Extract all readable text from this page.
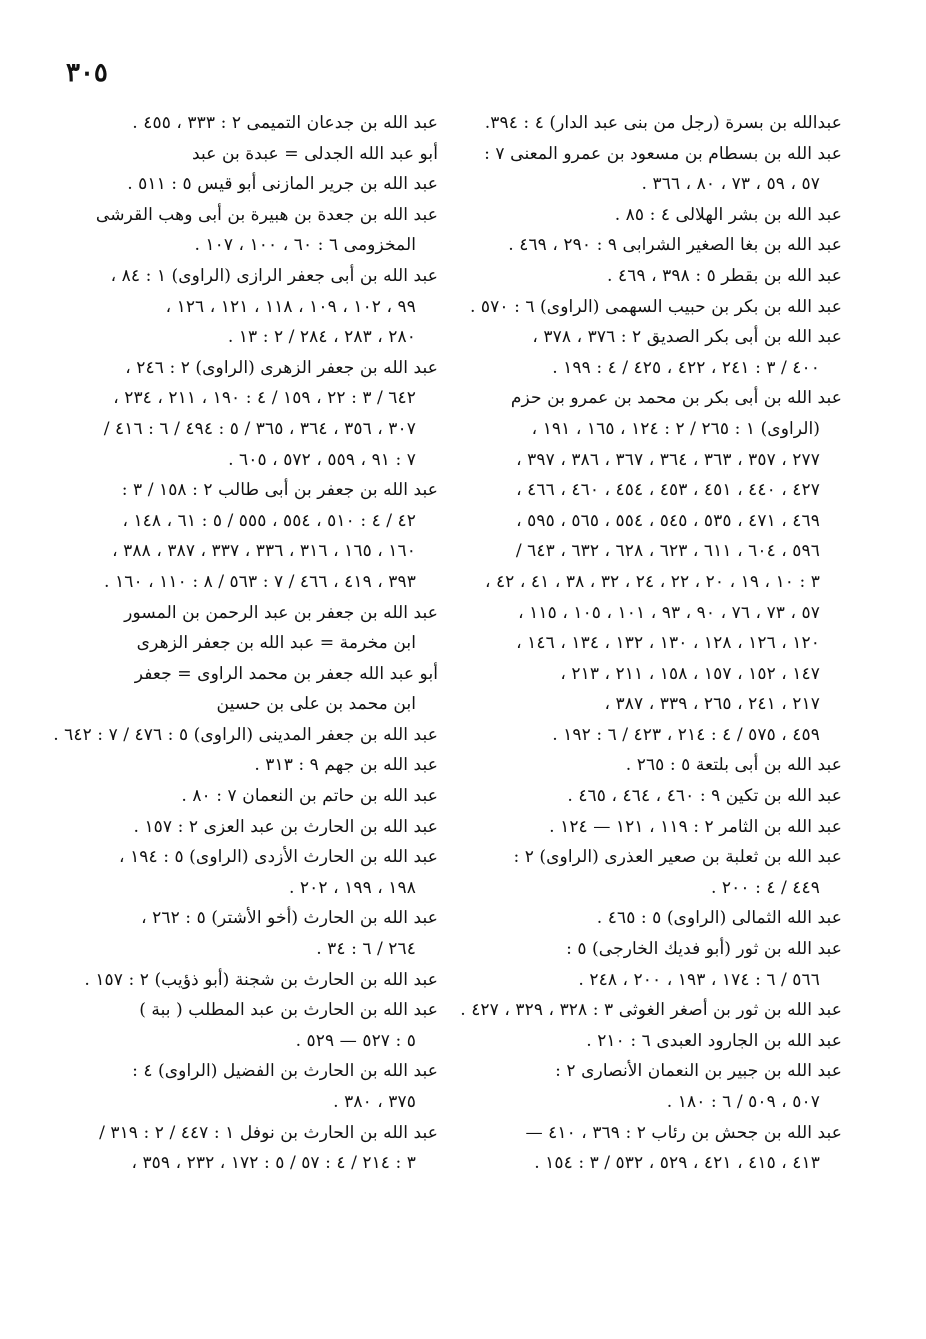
٣٠٥
عبدالله بن بسرة (رجل من بنى عبد الدار) ٤ : ٣٩٤.
عبد الله بن بسطام بن مسعود بن عمرو المعنى ٧ :
٥٧ ، ٥٩ ، ٧٣ ، ٨٠ ، ٣٦٦ .
عبد الله بن بشر الهلالى ٤ : ٨٥ .
عبد الله بن بغا الصغير الشرابى ٩ : ٢٩٠ ، ٤٦٩ .
عبد الله بن بقطر ٥ : ٣٩٨ ، ٤٦٩ .
عبد الله بن بكر بن حبيب السهمى (الراوى) ٦ : ٥٧٠ .
عبد الله بن أبى بكر الصديق ٢ : ٣٧٦ ، ٣٧٨ ،
٤٠٠ / ٣ : ٢٤١ ، ٤٢٢ ، ٤٢٥ / ٤ : ١٩٩ .
عبد الله بن أبى بكر بن محمد بن عمرو بن حزم
(الراوى) ١ : ٢٦٥ / ٢ : ١٢٤ ، ١٦٥ ، ١٩١ ،
٢٧٧ ، ٣٥٧ ، ٣٦٣ ، ٣٦٤ ، ٣٦٧ ، ٣٨٦ ، ٣٩٧ ،
٤٢٧ ، ٤٤٠ ، ٤٥١ ، ٤٥٣ ، ٤٥٤ ، ٤٦٠ ، ٤٦٦ ،
٤٦٩ ، ٤٧١ ، ٥٣٥ ، ٥٤٥ ، ٥٥٤ ، ٥٦٥ ، ٥٩٥ ،
٥٩٦ ، ٦٠٤ ، ٦١١ ، ٦٢٣ ، ٦٢٨ ، ٦٣٢ ، ٦٤٣ /
٣ : ١٠ ، ١٩ ، ٢٠ ، ٢٢ ، ٢٤ ، ٣٢ ، ٣٨ ، ٤١ ، ٤٢ ،
٥٧ ، ٧٣ ، ٧٦ ، ٩٠ ، ٩٣ ، ١٠١ ، ١٠٥ ، ١١٥ ،
١٢٠ ، ١٢٦ ، ١٢٨ ، ١٣٠ ، ١٣٢ ، ١٣٤ ، ١٤٦ ،
١٤٧ ، ١٥٢ ، ١٥٧ ، ١٥٨ ، ٢١١ ، ٢١٣ ،
٢١٧ ، ٢٤١ ، ٢٦٥ ، ٣٣٩ ، ٣٨٧ ،
٤٥٩ ، ٥٧٥ / ٤ : ٢١٤ ، ٤٢٣ / ٦ : ١٩٢ .
عبد الله بن أبى بلتعة ٥ : ٢٦٥ .
عبد الله بن تكين ٩ : ٤٦٠ ، ٤٦٤ ، ٤٦٥ .
عبد الله بن الثامر ٢ : ١١٩ ، ١٢١ — ١٢٤ .
عبد الله بن ثعلبة بن صعير العذرى (الراوى) ٢ :
٤٤٩ / ٤ : ٢٠٠ .
عبد الله الثمالى (الراوى) ٥ : ٤٦٥ .
عبد الله بن ثور (أبو فديك الخارجى) ٥ :
٥٦٦ / ٦ : ١٧٤ ، ١٩٣ ، ٢٠٠ ، ٢٤٨ .
عبد الله بن ثور بن أصغر الغوثى ٣ : ٣٢٨ ، ٣٢٩ ، ٤٢٧ .
عبد الله بن الجارود العبدى ٦ : ٢١٠ .
عبد الله بن جبير بن النعمان الأنصارى ٢ :
٥٠٧ ، ٥٠٩ / ٦ : ١٨٠ .
عبد الله بن جحش بن رئاب ٢ : ٣٦٩ ، ٤١٠ —
٤١٣ ، ٤١٥ ، ٤٢١ ، ٥٢٩ ، ٥٣٢ / ٣ : ١٥٤ .
عبد الله بن جدعان التميمى ٢ : ٣٣٣ ، ٤٥٥ .
أبو عبد الله الجدلى = عبدة بن عبد
عبد الله بن جرير المازنى أبو قيس ٥ : ٥١١ .
عبد الله بن جعدة بن هبيرة بن أبى وهب القرشى
المخزومى ٦ : ٦٠ ، ١٠٠ ، ١٠٧ .
عبد الله بن أبى جعفر الرازى (الراوى) ١ : ٨٤ ،
٩٩ ، ١٠٢ ، ١٠٩ ، ١١٨ ، ١٢١ ، ١٢٦ ،
٢٨٠ ، ٢٨٣ ، ٢٨٤ / ٢ : ١٣ .
عبد الله بن جعفر الزهرى (الراوى) ٢ : ٢٤٦ ،
٦٤٢ / ٣ : ٢٢ ، ١٥٩ / ٤ : ١٩٠ ، ٢١١ ، ٢٣٤ ،
٣٠٧ ، ٣٥٦ ، ٣٦٤ ، ٣٦٥ / ٥ : ٤٩٤ / ٦ : ٤١٦ /
٧ : ٩١ ، ٥٥٩ ، ٥٧٢ ، ٦٠٥ .
عبد الله بن جعفر بن أبى طالب ٢ : ١٥٨ / ٣ :
٤٢ / ٤ : ٥١٠ ، ٥٥٤ ، ٥٥٥ / ٥ : ٦١ ، ١٤٨ ،
١٦٠ ، ١٦٥ ، ٣١٦ ، ٣٣٦ ، ٣٣٧ ، ٣٨٧ ، ٣٨٨ ،
٣٩٣ ، ٤١٩ ، ٤٦٦ / ٧ : ٥٦٣ / ٨ : ١١٠ ، ١٦٠ .
عبد الله بن جعفر بن عبد الرحمن بن المسور
ابن مخرمة = عبد الله بن جعفر الزهرى
أبو عبد الله جعفر بن محمد الراوى = جعفر
ابن محمد بن على بن حسين
عبد الله بن جعفر المدينى (الراوى) ٥ : ٤٧٦ / ٧ : ٦٤٢ .
عبد الله بن جهم ٩ : ٣١٣ .
عبد الله بن حاتم بن النعمان ٧ : ٨٠ .
عبد الله بن الحارث بن عبد العزى ٢ : ١٥٧ .
عبد الله بن الحارث الأزدى (الراوى) ٥ : ١٩٤ ،
١٩٨ ، ١٩٩ ، ٢٠٢ .
عبد الله بن الحارث (أخو الأشتر) ٥ : ٢٦٢ ،
٢٦٤ / ٦ : ٣٤ .
عبد الله بن الحارث بن شجنة (أبو ذؤيب) ٢ : ١٥٧ .
عبد الله بن الحارث بن عبد المطلب ( ببة )
٥ : ٥٢٧ — ٥٢٩ .
عبد الله بن الحارث بن الفضيل (الراوى) ٤ :
٣٧٥ ، ٣٨٠ .
عبد الله بن الحارث بن نوفل ١ : ٤٤٧ / ٢ : ٣١٩ /
٣ : ٢١٤ / ٤ : ٥٧ / ٥ : ١٧٢ ، ٢٣٢ ، ٣٥٩ ،
